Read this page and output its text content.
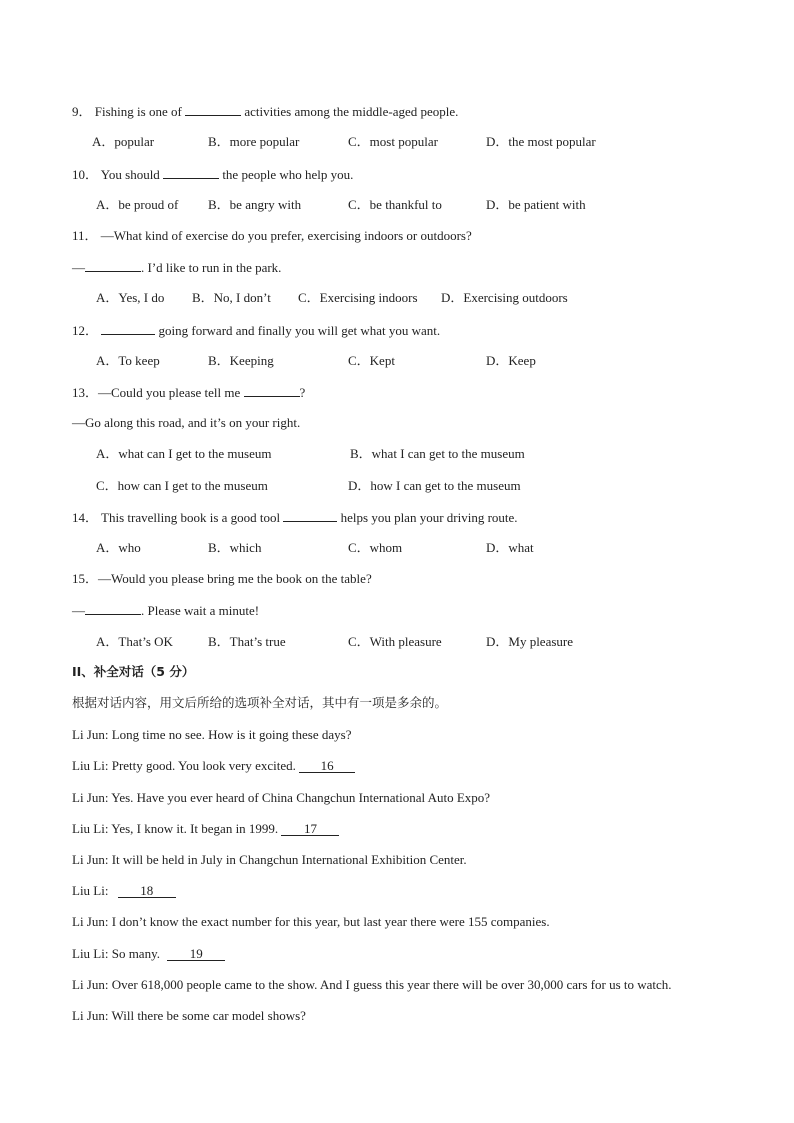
9． Fishing is one of	activities among the middle-aged people.
A．popular	B．more popular	C．most popular	D．the most popular
10． You should	the people who help you.
A．be proud of B．be angry with	C．be thankful to	D．be patient with
11． —What kind of exercise do you prefer, exercising indoors or outdoors?
—	. I’d like to run in the park.
A．Yes, I do B．No, I don’t C．Exercising indoors D．Exercising outdoors
12．	going forward and finally you will get what you want.
A．To keep	B．Keeping	C．Kept	D．Keep
13．—Could you please tell me	?
—Go along this road, and it’s on your right.
A．what can I get to the museum	B．what I can get to the museum
C．how can I get to the museum	D．how I can get to the museum
14． This travelling book is a good tool	helps you plan your driving route.
A．who	B．which	C．whom	D．what
15．—Would you please bring me the book on the table?
—	. Please wait a minute!
A．That’s OK	B．That’s true	C．With pleasure	D．My pleasure
II、补全对话（5 分）
根据对话内容，用文后所给的选项补全对话，其中有一项是多余的。
Li Jun: Long time no see. How is it going these days?
Liu Li: Pretty good. You look very excited. 16
Li Jun: Yes. Have you ever heard of China Changchun International Auto Expo?
Liu Li: Yes, I know it. It began in 1999. 17
Li Jun: It will be held in July in Changchun International Exhibition Center.
Liu Li: 18
Li Jun: I don’t know the exact number for this year, but last year there were 155 companies.
Liu Li: So many. 19
Li Jun: Over 618,000 people came to the show. And I guess this year there will be over 30,000 cars for us to watch.
Li Jun: Will there be some car model shows?
